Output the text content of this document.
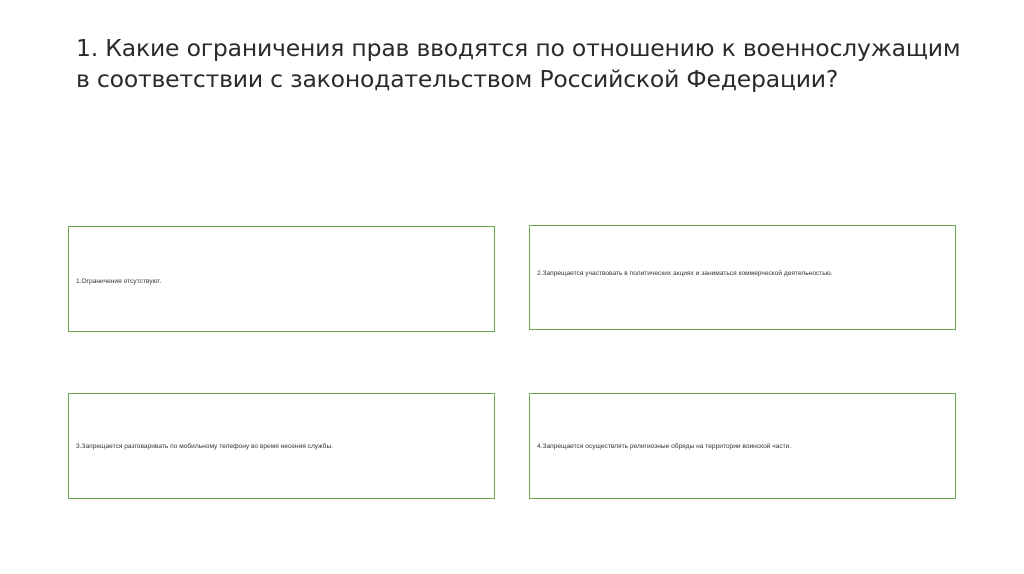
1. Какие ограничения прав вводятся по отношению к военнослужащим в соответствии с законодательством Российской Федерации?
1.Ограничения отсутствуют.
2.Запрещается участвовать в политических акциях и заниматься коммерческой деятельностью.
3.Запрещается разговаривать по мобильному телефону во время несения службы.	4.Запрещается осуществлять религиозные обряды на территории воинской части.
